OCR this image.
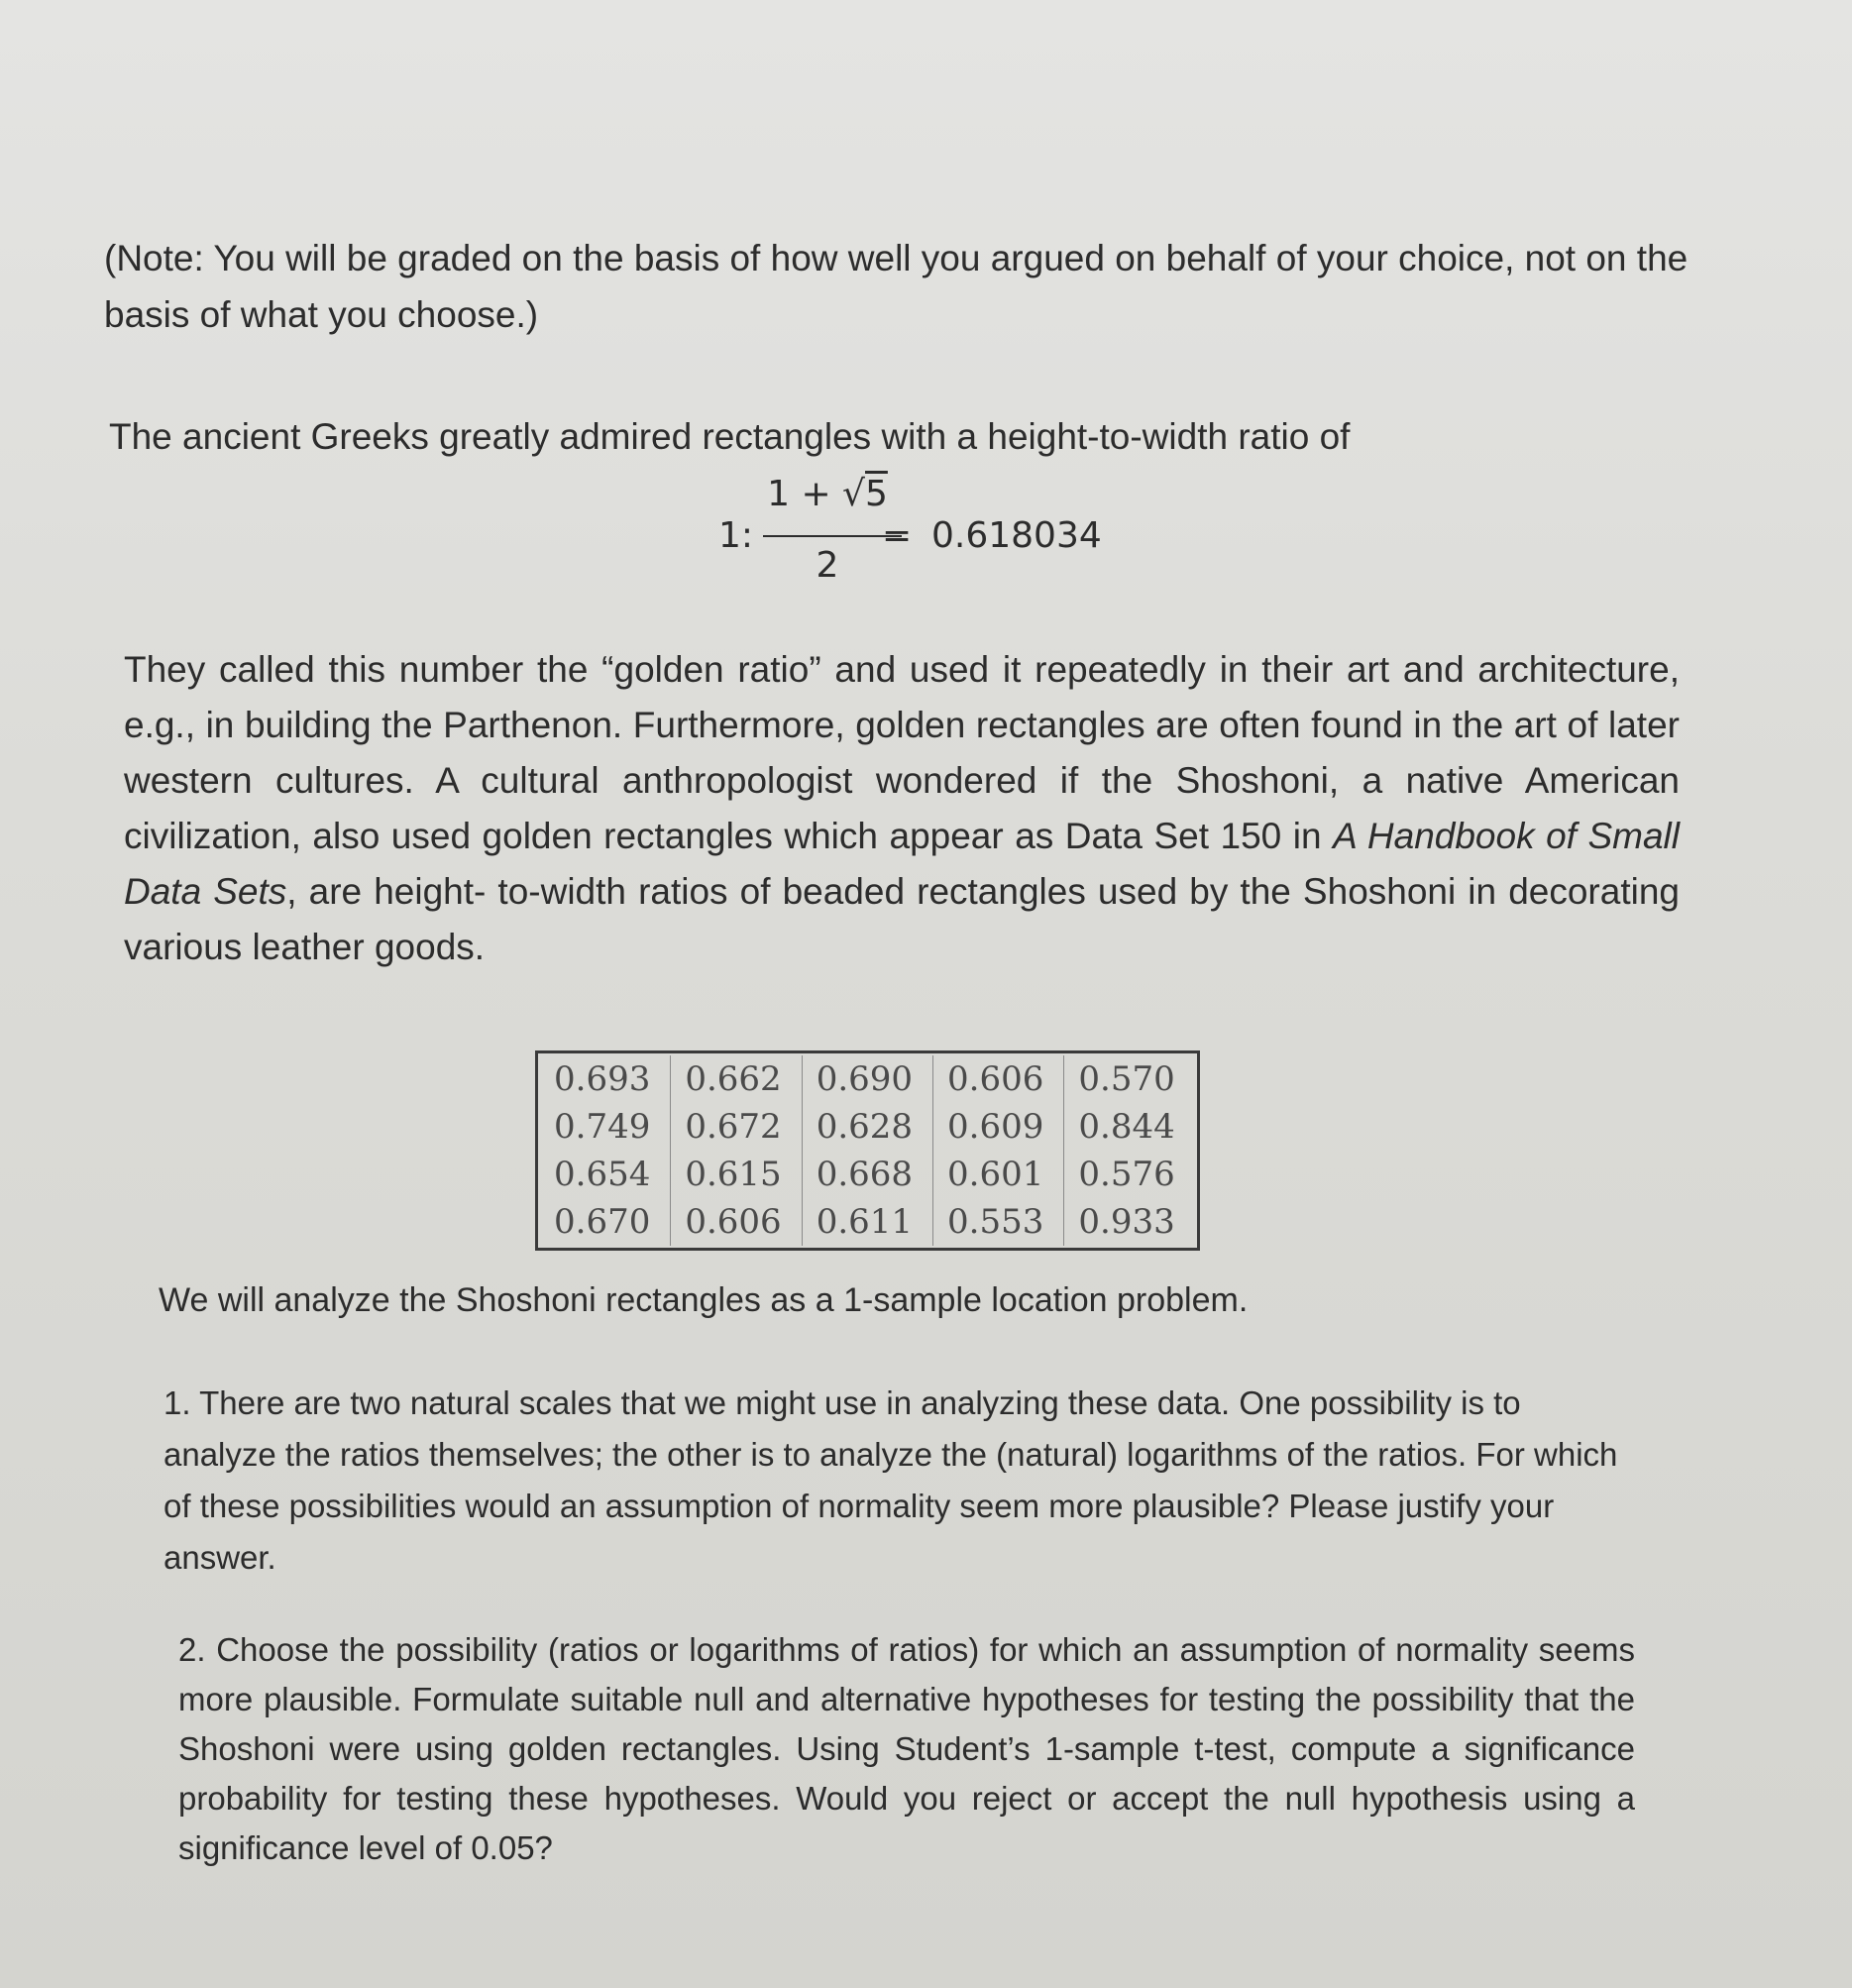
(Note: You will be graded on the basis of how well you argued on behalf of your choice, not on the basis of what you choose.)

The ancient Greeks greatly admired rectangles with a height-to-width ratio of

1:
1 + √5
2
= 0.618034

They called this number the “golden ratio” and used it repeatedly in their art and architecture, e.g., in building the Parthenon. Furthermore, golden rectangles are often found in the art of later western cultures. A cultural anthropologist wondered if the Shoshoni, a native American civilization, also used golden rectangles which appear as Data Set 150 in A Handbook of Small Data Sets, are height- to-width ratios of beaded rectangles used by the Shoshoni in decorating various leather goods.

0.693	0.662	0.690	0.606	0.570
0.749	0.672	0.628	0.609	0.844
0.654	0.615	0.668	0.601	0.576
0.670	0.606	0.611	0.553	0.933

We will analyze the Shoshoni rectangles as a 1-sample location problem.

1. There are two natural scales that we might use in analyzing these data. One possibility is to analyze the ratios themselves; the other is to analyze the (natural) logarithms of the ratios. For which of these possibilities would an assumption of normality seem more plausible? Please justify your answer.

2. Choose the possibility (ratios or logarithms of ratios) for which an assumption of normality seems more plausible. Formulate suitable null and alternative hypotheses for testing the possibility that the Shoshoni were using golden rectangles. Using Student’s 1-sample t-test, compute a significance probability for testing these hypotheses. Would you reject or accept the null hypothesis using a significance level of 0.05?
